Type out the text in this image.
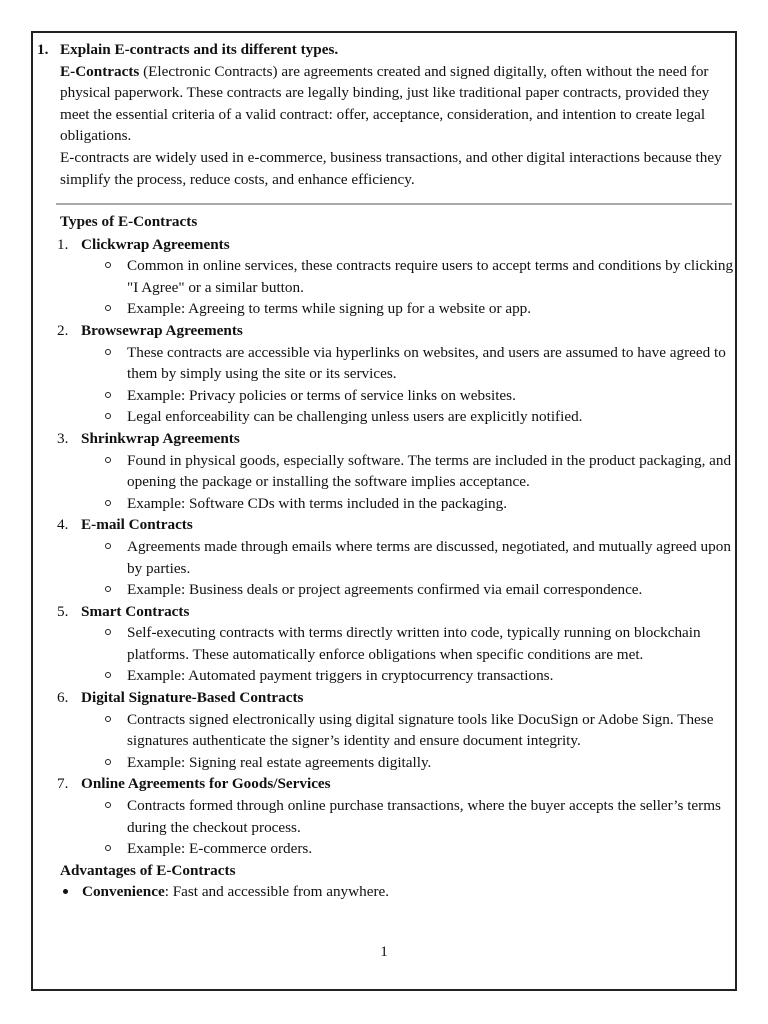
1. Explain E-contracts and its different types.
E-Contracts (Electronic Contracts) are agreements created and signed digitally, often without the need for physical paperwork. These contracts are legally binding, just like traditional paper contracts, provided they meet the essential criteria of a valid contract: offer, acceptance, consideration, and intention to create legal obligations.
E-contracts are widely used in e-commerce, business transactions, and other digital interactions because they simplify the process, reduce costs, and enhance efficiency.
Types of E-Contracts
1. Clickwrap Agreements
Common in online services, these contracts require users to accept terms and conditions by clicking "I Agree" or a similar button.
Example: Agreeing to terms while signing up for a website or app.
2. Browsewrap Agreements
These contracts are accessible via hyperlinks on websites, and users are assumed to have agreed to them by simply using the site or its services.
Example: Privacy policies or terms of service links on websites.
Legal enforceability can be challenging unless users are explicitly notified.
3. Shrinkwrap Agreements
Found in physical goods, especially software. The terms are included in the product packaging, and opening the package or installing the software implies acceptance.
Example: Software CDs with terms included in the packaging.
4. E-mail Contracts
Agreements made through emails where terms are discussed, negotiated, and mutually agreed upon by parties.
Example: Business deals or project agreements confirmed via email correspondence.
5. Smart Contracts
Self-executing contracts with terms directly written into code, typically running on blockchain platforms. These automatically enforce obligations when specific conditions are met.
Example: Automated payment triggers in cryptocurrency transactions.
6. Digital Signature-Based Contracts
Contracts signed electronically using digital signature tools like DocuSign or Adobe Sign. These signatures authenticate the signer’s identity and ensure document integrity.
Example: Signing real estate agreements digitally.
7. Online Agreements for Goods/Services
Contracts formed through online purchase transactions, where the buyer accepts the seller’s terms during the checkout process.
Example: E-commerce orders.
Advantages of E-Contracts
Convenience: Fast and accessible from anywhere.
1
